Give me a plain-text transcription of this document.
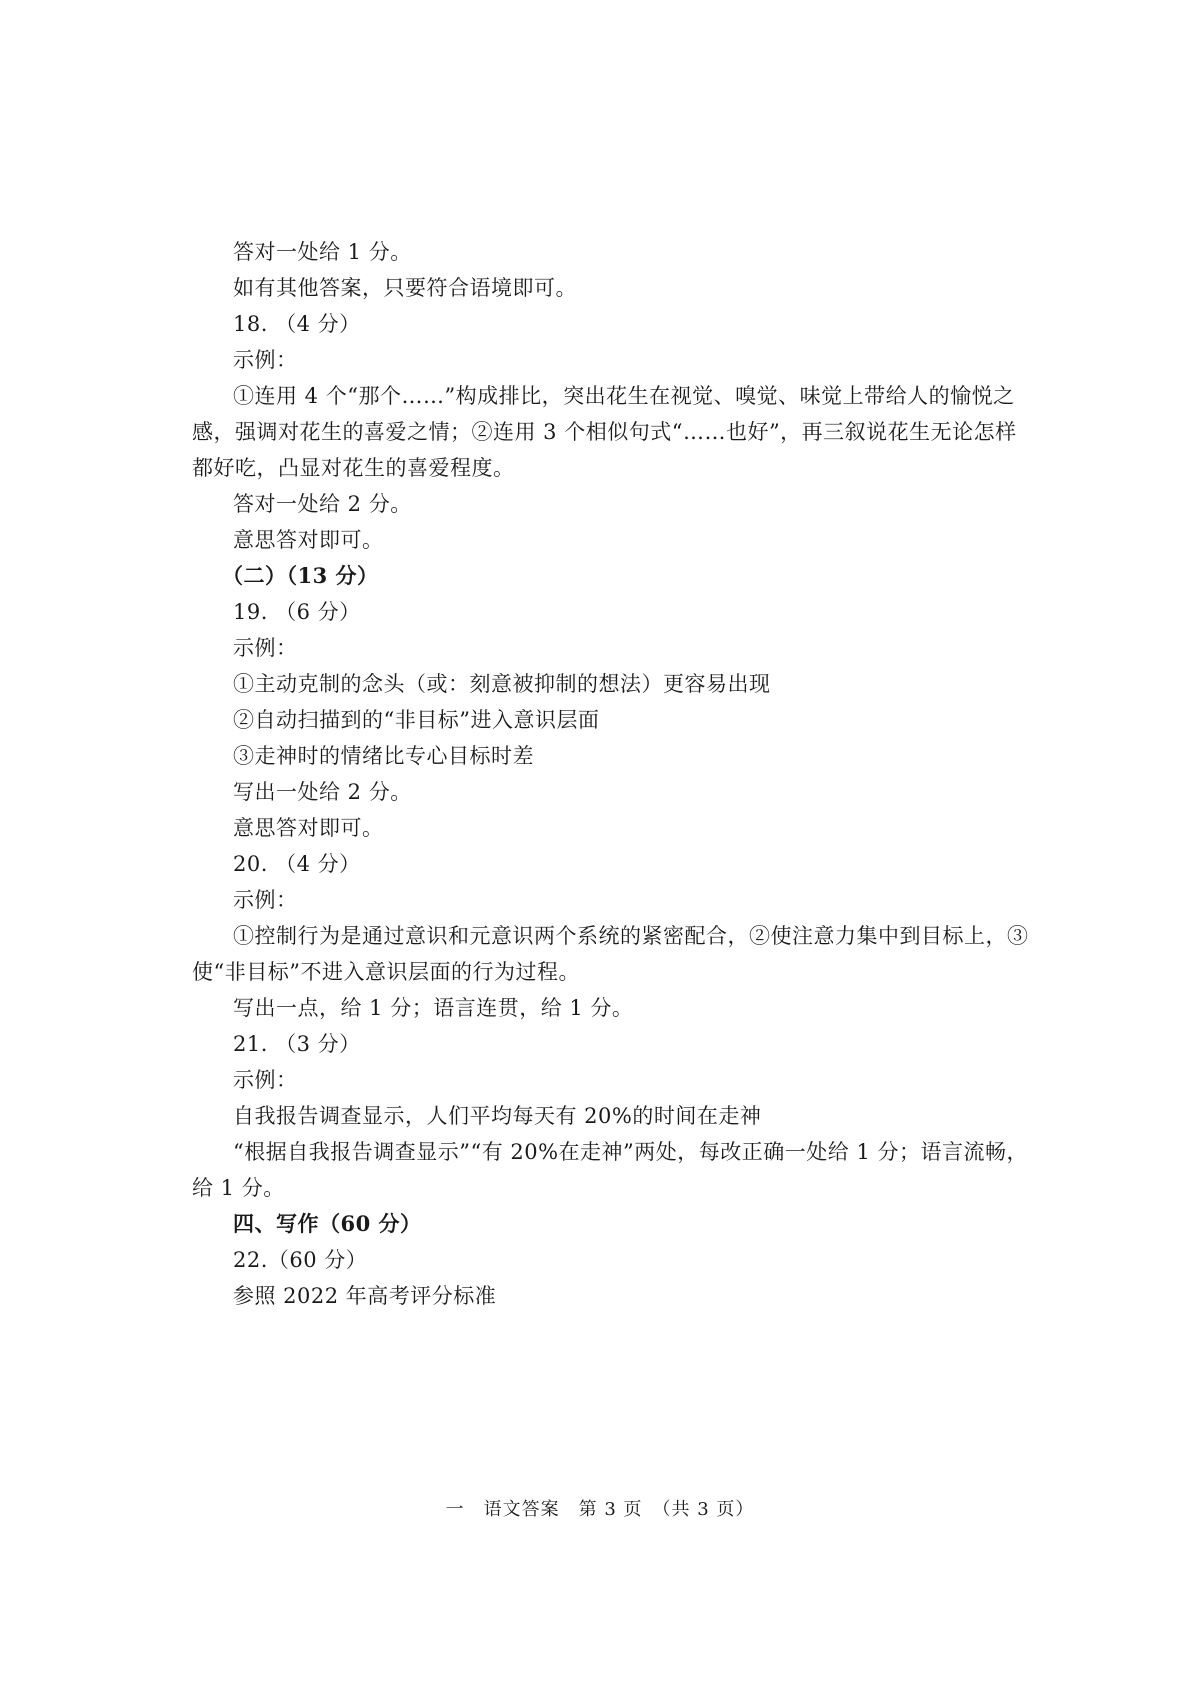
答对一处给 1 分。
如有其他答案，只要符合语境即可。
18. （4 分）
示例：
①连用 4 个“那个……”构成排比，突出花生在视觉、嗅觉、味觉上带给人的愉悦之
感，强调对花生的喜爱之情；②连用 3 个相似句式“……也好”，再三叙说花生无论怎样
都好吃，凸显对花生的喜爱程度。
答对一处给 2 分。
意思答对即可。
（二）（13 分）
19. （6 分）
示例：
①主动克制的念头（或：刻意被抑制的想法）更容易出现
②自动扫描到的“非目标”进入意识层面
③走神时的情绪比专心目标时差
写出一处给 2 分。
意思答对即可。
20. （4 分）
示例：
①控制行为是通过意识和元意识两个系统的紧密配合，②使注意力集中到目标上，③
使“非目标”不进入意识层面的行为过程。
写出一点，给 1 分；语言连贯，给 1 分。
21. （3 分）
示例：
自我报告调查显示，人们平均每天有 20%的时间在走神
“根据自我报告调查显示”“有 20%在走神”两处，每改正确一处给 1 分；语言流畅，
给 1 分。
四、写作（60 分）
22.（60 分）
参照 2022 年高考评分标准
一　语文答案　第 3 页　（共 3 页）
